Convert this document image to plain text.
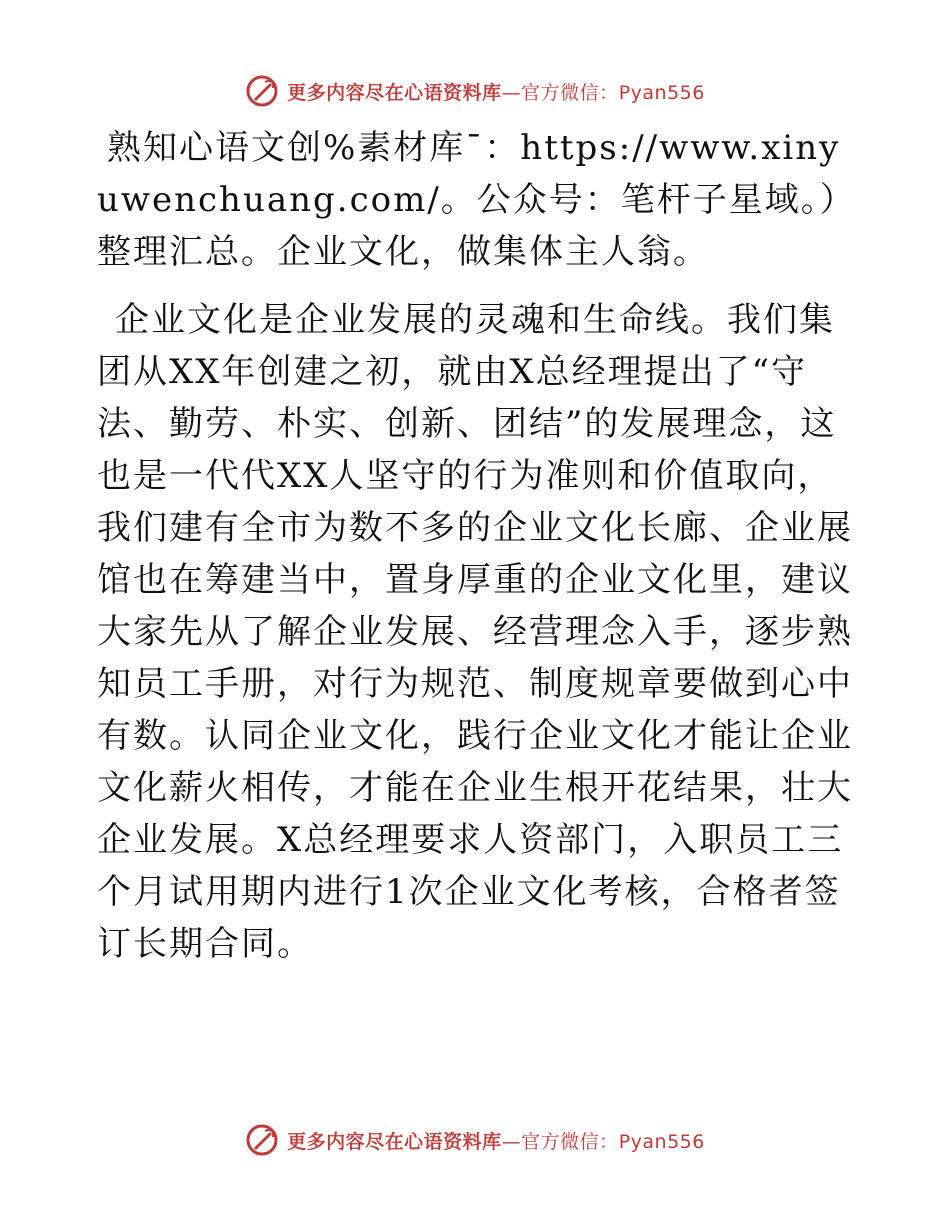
更多内容尽在心语资料库—官方微信：Pyan556

熟知心语文创%素材库¯：https://www.xinyuwenchuang.com/。公众号：笔杆子星域。）整理汇总。企业文化，做集体主人翁。

企业文化是企业发展的灵魂和生命线。我们集团从XX年创建之初，就由X总经理提出了“守法、勤劳、朴实、创新、团结”的发展理念，这也是一代代XX人坚守的行为准则和价值取向，我们建有全市为数不多的企业文化长廊、企业展馆也在筹建当中，置身厚重的企业文化里，建议大家先从了解企业发展、经营理念入手，逐步熟知员工手册，对行为规范、制度规章要做到心中有数。认同企业文化，践行企业文化才能让企业文化薪火相传，才能在企业生根开花结果，壮大企业发展。X总经理要求人资部门，入职员工三个月试用期内进行1次企业文化考核，合格者签订长期合同。

更多内容尽在心语资料库—官方微信：Pyan556
